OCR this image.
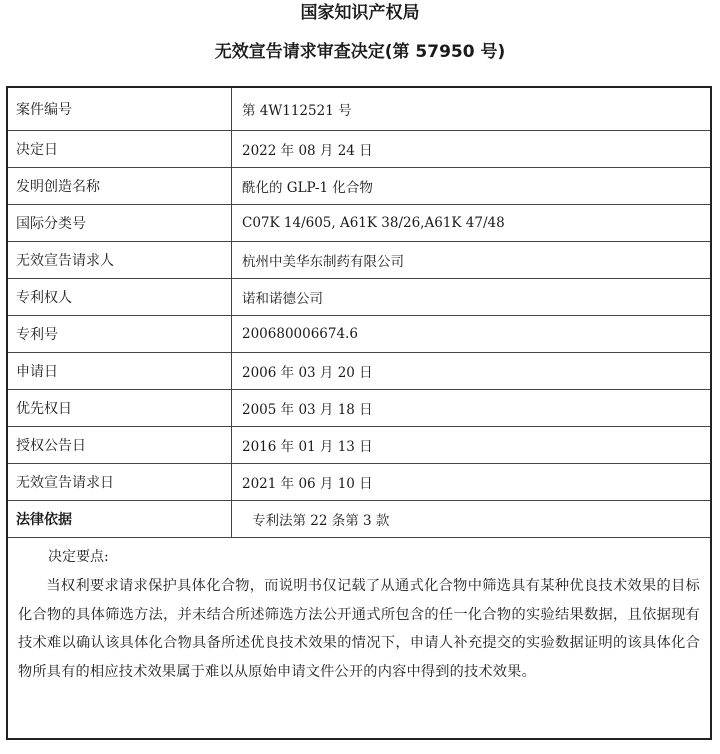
国家知识产权局
无效宣告请求审查决定(第 57950 号)
案件编号	第 4W112521 号
决定日	2022 年 08 月 24 日
发明创造名称	酰化的 GLP-1 化合物
国际分类号	C07K 14/605, A61K 38/26,A61K 47/48
无效宣告请求人	杭州中美华东制药有限公司
专利权人	诺和诺德公司
专利号	200680006674.6
申请日	2006 年 03 月 20 日
优先权日	2005 年 03 月 18 日
授权公告日	2016 年 01 月 13 日
无效宣告请求日	2021 年 06 月 10 日
法律依据	专利法第 22 条第 3 款
决定要点:
当权利要求请求保护具体化合物，而说明书仅记载了从通式化合物中筛选具有某种优良技术效果的目标化合物的具体筛选方法，并未结合所述筛选方法公开通式所包含的任一化合物的实验结果数据，且依据现有技术难以确认该具体化合物具备所述优良技术效果的情况下，申请人补充提交的实验数据证明的该具体化合物所具有的相应技术效果属于难以从原始申请文件公开的内容中得到的技术效果。
